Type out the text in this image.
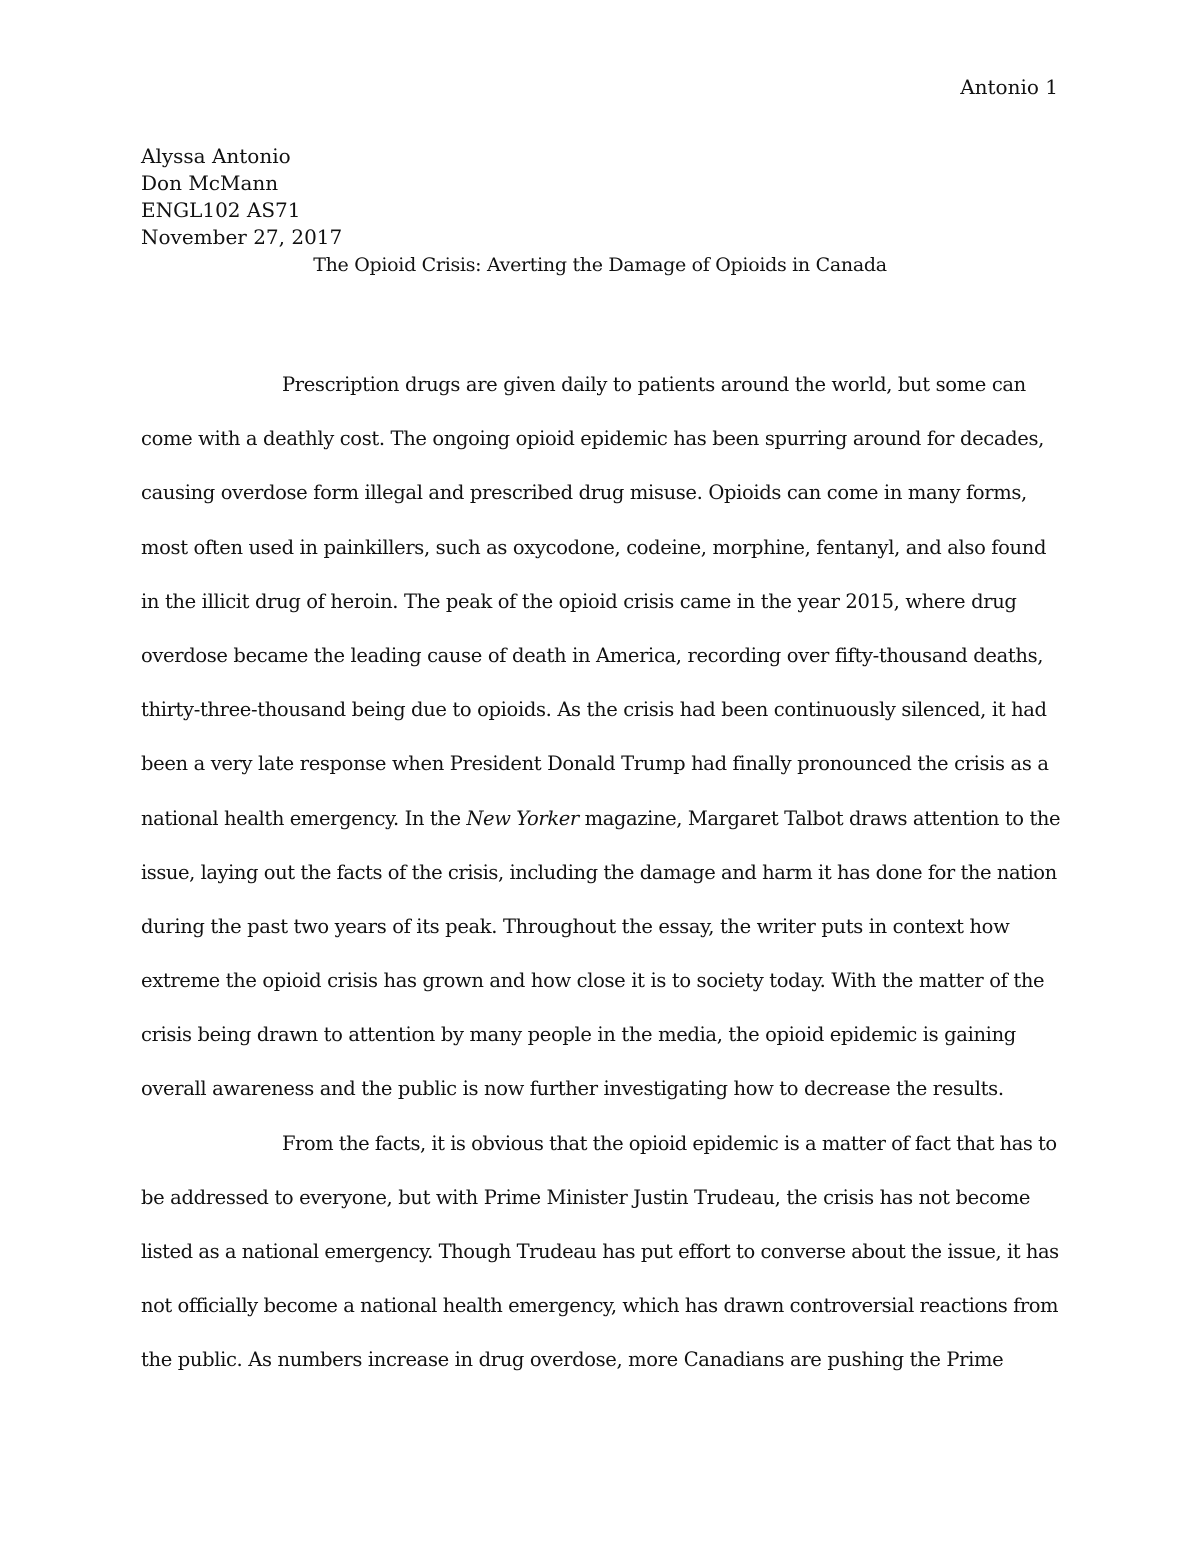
Antonio 1
Alyssa Antonio
Don McMann
ENGL102 AS71
November 27, 2017
The Opioid Crisis: Averting the Damage of Opioids in Canada
Prescription drugs are given daily to patients around the world, but some can
come with a deathly cost. The ongoing opioid epidemic has been spurring around for decades,
causing overdose form illegal and prescribed drug misuse. Opioids can come in many forms,
most often used in painkillers, such as oxycodone, codeine, morphine, fentanyl, and also found
in the illicit drug of heroin. The peak of the opioid crisis came in the year 2015, where drug
overdose became the leading cause of death in America, recording over fifty-thousand deaths,
thirty-three-thousand being due to opioids. As the crisis had been continuously silenced, it had
been a very late response when President Donald Trump had finally pronounced the crisis as a
national health emergency. In the New Yorker magazine, Margaret Talbot draws attention to the
issue, laying out the facts of the crisis, including the damage and harm it has done for the nation
during the past two years of its peak. Throughout the essay, the writer puts in context how
extreme the opioid crisis has grown and how close it is to society today. With the matter of the
crisis being drawn to attention by many people in the media, the opioid epidemic is gaining
overall awareness and the public is now further investigating how to decrease the results.
From the facts, it is obvious that the opioid epidemic is a matter of fact that has to
be addressed to everyone, but with Prime Minister Justin Trudeau, the crisis has not become
listed as a national emergency. Though Trudeau has put effort to converse about the issue, it has
not officially become a national health emergency, which has drawn controversial reactions from
the public. As numbers increase in drug overdose, more Canadians are pushing the Prime
